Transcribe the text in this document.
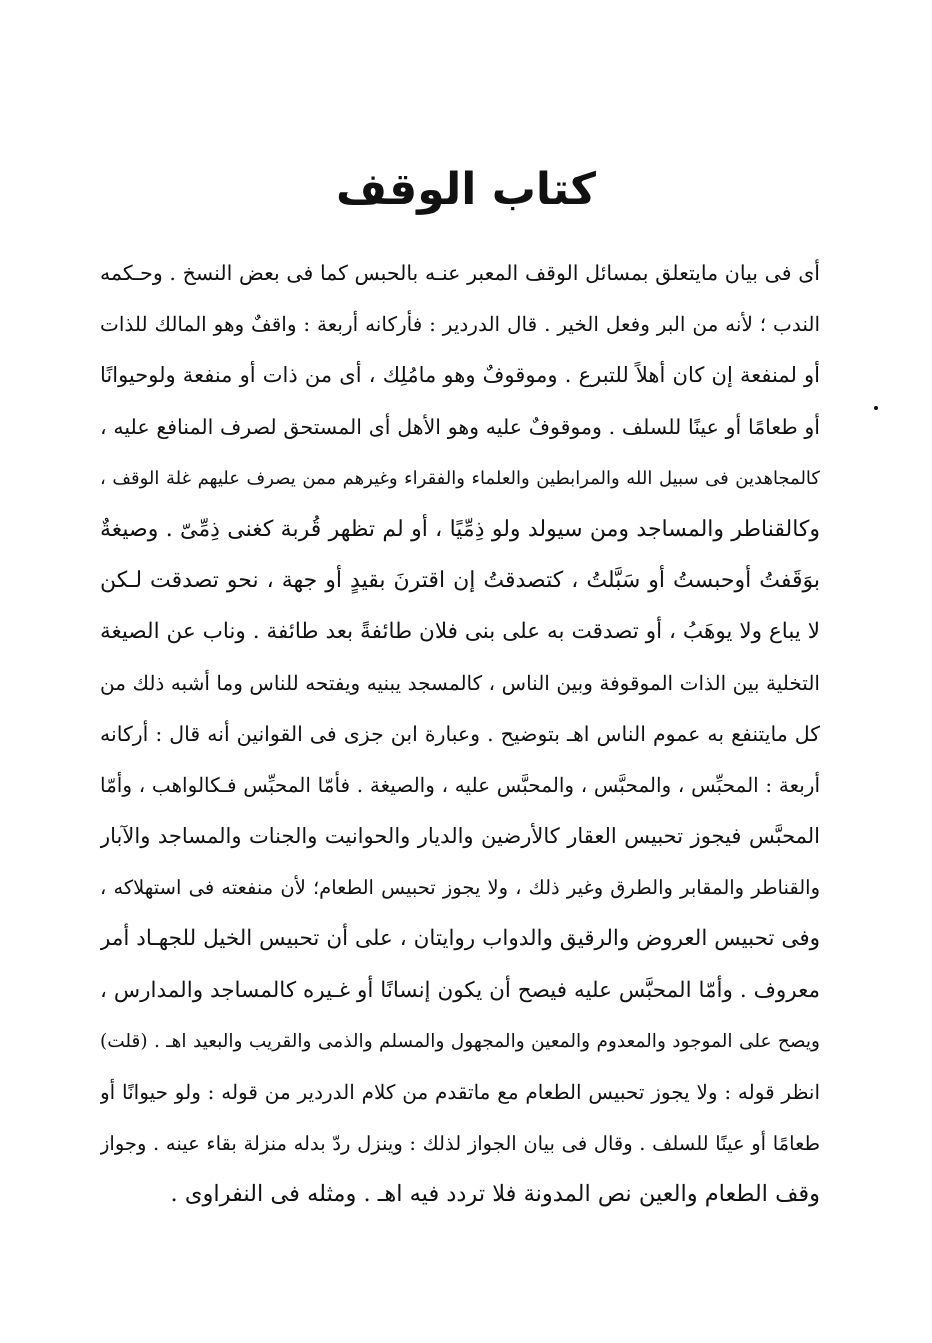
كتاب الوقف
أى فى بيان مايتعلق بمسائل الوقف المعبر عنـه بالحبس كما فى بعض النسخ . وحـكمه
الندب ؛ لأنه من البر وفعل الخير . قال الدردير : فأركانه أربعة : واقفٌ وهو المالك للذات
أو لمنفعة إن كان أهلاً للتبرع . وموقوفٌ وهو مامُلِك ، أى من ذات أو منفعة ولوحيوانًا
أو طعامًا أو عينًا للسلف . وموقوفٌ عليه وهو الأهل أى المستحق لصرف المنافع عليه ،
كالمجاهدين فى سبيل الله والمرابطين والعلماء والفقراء وغيرهم ممن يصرف عليهم غلة الوقف ،
وكالقناطر والمساجد ومن سيولد ولو ذِمِّيًا ، أو لم تظهر قُربة كغنى ذِمِّىّ . وصيغةٌ
بوَقَفتُ أوحبستُ أو سَبَّلتُ ، كتصدقتُ إن اقترنَ بقيدٍ أو جهة ، نحو تصدقت لـكن
لا يباع ولا يوهَبُ ، أو تصدقت به على بنى فلان طائفةً بعد طائفة . وناب عن الصيغة
التخلية بين الذات الموقوفة وبين الناس ، كالمسجد يبنيه ويفتحه للناس وما أشبه ذلك من
كل مايتنفع به عموم الناس اهـ بتوضيح . وعبارة ابن جزى فى القوانين أنه قال : أركانه
أربعة : المحبِّس ، والمحبَّس ، والمحبَّس عليه ، والصيغة . فأمّا المحبِّس فـكالواهب ، وأمّا
المحبَّس فيجوز تحبيس العقار كالأرضين والديار والحوانيت والجنات والمساجد والآبار
والقناطر والمقابر والطرق وغير ذلك ، ولا يجوز تحبيس الطعام؛ لأن منفعته فى استهلاكه ،
وفى تحبيس العروض والرقيق والدواب روايتان ، على أن تحبيس الخيل للجهـاد أمر
معروف . وأمّا المحبَّس عليه فيصح أن يكون إنسانًا أو غـيره كالمساجد والمدارس ،
ويصح على الموجود والمعدوم والمعين والمجهول والمسلم والذمى والقريب والبعيد اهـ . (قلت)
انظر قوله : ولا يجوز تحبيس الطعام مع ماتقدم من كلام الدردير من قوله : ولو حيوانًا أو
طعامًا أو عينًا للسلف . وقال فى بيان الجواز لذلك : وينزل ردّ بدله منزلة بقاء عينه . وجواز
وقف الطعام والعين نص المدونة فلا تردد فيه اهـ . ومثله فى النفراوى .
